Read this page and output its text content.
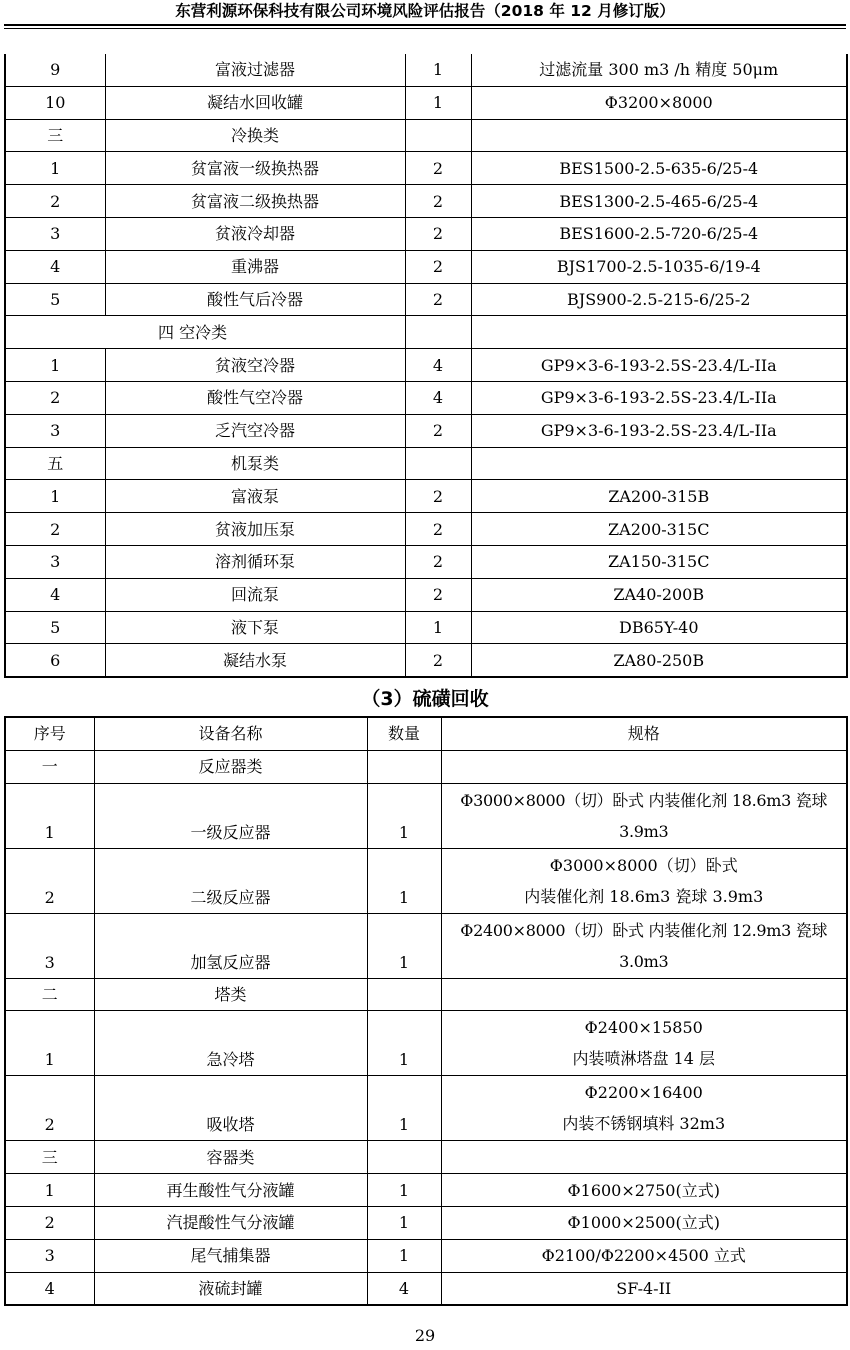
东营利源环保科技有限公司环境风险评估报告（2018 年 12 月修订版）
9	富液过滤器	1	过滤流量 300 m3 /h 精度 50μm
10	凝结水回收罐	1	Φ3200×8000
三	冷换类		
1	贫富液一级换热器	2	BES1500-2.5-635-6/25-4
2	贫富液二级换热器	2	BES1300-2.5-465-6/25-4
3	贫液冷却器	2	BES1600-2.5-720-6/25-4
4	重沸器	2	BJS1700-2.5-1035-6/19-4
5	酸性气后冷器	2	BJS900-2.5-215-6/25-2
四 空冷类			
1	贫液空冷器	4	GP9×3-6-193-2.5S-23.4/L-IIa
2	酸性气空冷器	4	GP9×3-6-193-2.5S-23.4/L-IIa
3	乏汽空冷器	2	GP9×3-6-193-2.5S-23.4/L-IIa
五	机泵类		
1	富液泵	2	ZA200-315B
2	贫液加压泵	2	ZA200-315C
3	溶剂循环泵	2	ZA150-315C
4	回流泵	2	ZA40-200B
5	液下泵	1	DB65Y-40
6	凝结水泵	2	ZA80-250B
（3）硫磺回收
序号	设备名称	数量	规格
一	反应器类		

1	一级反应器	1	Φ3000×8000（切）卧式 内装催化剂 18.6m3 瓷球
3.9m3

2	二级反应器	1	Φ3000×8000（切）卧式
内装催化剂 18.6m3 瓷球 3.9m3

3	加氢反应器	1	Φ2400×8000（切）卧式 内装催化剂 12.9m3 瓷球
3.0m3

二	塔类		

1	急冷塔	1	Φ2400×15850
内装喷淋塔盘 14 层

2	吸收塔	1	Φ2200×16400
内装不锈钢填料 32m3

三	容器类		

1	再生酸性气分液罐	1	Φ1600×2750(立式)

2	汽提酸性气分液罐	1	Φ1000×2500(立式)

3	尾气捕集器	1	Φ2100/Φ2200×4500 立式

4	液硫封罐	4	SF-4-II
29
